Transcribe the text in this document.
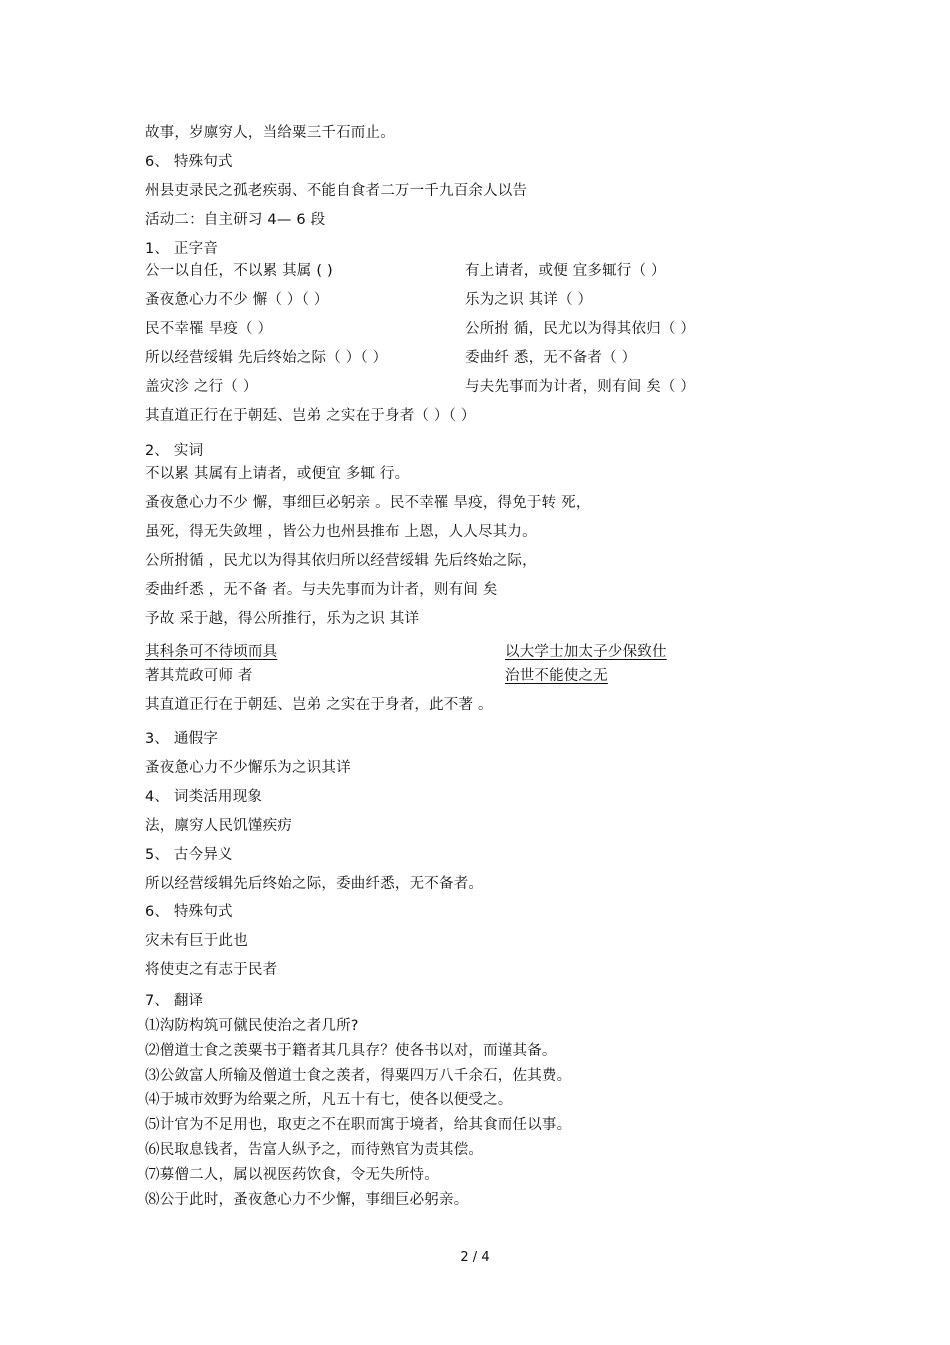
故事，岁廪穷人，当给粟三千石而止。
6、 特殊句式
州县吏录民之孤老疾弱、不能自食者二万一千九百余人以告
活动二：自主研习 4— 6 段
1、 正字音
公一以自任，不以累 其属 ( )	有上请者，或便 宜多辄行（ ）
蚤夜惫心力不少 懈（ ）（ ）	乐为之识 其详（ ）
民不幸罹 旱疫（ ）	公所拊 循，民尤以为得其依归（ ）
所以经营绥辑 先后终始之际（ ）（ ）	委曲纤 悉，无不备者（ ）
盖灾沴 之行（ ）	与夫先事而为计者，则有间 矣（ ）
其直道正行在于朝廷、岂弟 之实在于身者（ ）（ ）
2、 实词
不以累 其属有上请者，或便宜 多辄 行。
蚤夜惫心力不少 懈，事细巨必躬亲 。民不幸罹 旱疫，得免于转 死，
虽死，得无失敛埋 ，皆公力也州县推布 上恩，人人尽其力。
公所拊循 ，民尤以为得其依归所以经营绥辑 先后终始之际，
委曲纤悉 ，无不备 者。与夫先事而为计者，则有间 矣
予故 采于越，得公所推行，乐为之识 其详
其科条可不待顷而具	以大学士加太子少保致仕
著其荒政可师 者	治世不能使之无
其直道正行在于朝廷、岂弟 之实在于身者，此不著 。
3、 通假字
蚤夜惫心力不少懈乐为之识其详
4、 词类活用现象
法，廪穷人民饥馑疾疠
5、 古今异义
所以经营绥辑先后终始之际，委曲纤悉，无不备者。
6、 特殊句式
灾未有巨于此也
将使吏之有志于民者
7、 翻译
⑴沟防构筑可僦民使治之者几所?
⑵僧道士食之羡粟书于籍者其几具存？使各书以对，而谨其备。
⑶公敛富人所输及僧道士食之羡者，得粟四万八千余石，佐其费。
⑷于城市效野为给粟之所，凡五十有七，使各以便受之。
⑸计官为不足用也，取吏之不在职而寓于境者，给其食而任以事。
⑹民取息钱者，告富人纵予之，而待熟官为责其偿。
⑺募僧二人，属以视医药饮食，令无失所恃。
⑻公于此时，蚤夜惫心力不少懈，事细巨必躬亲。
2 / 4
